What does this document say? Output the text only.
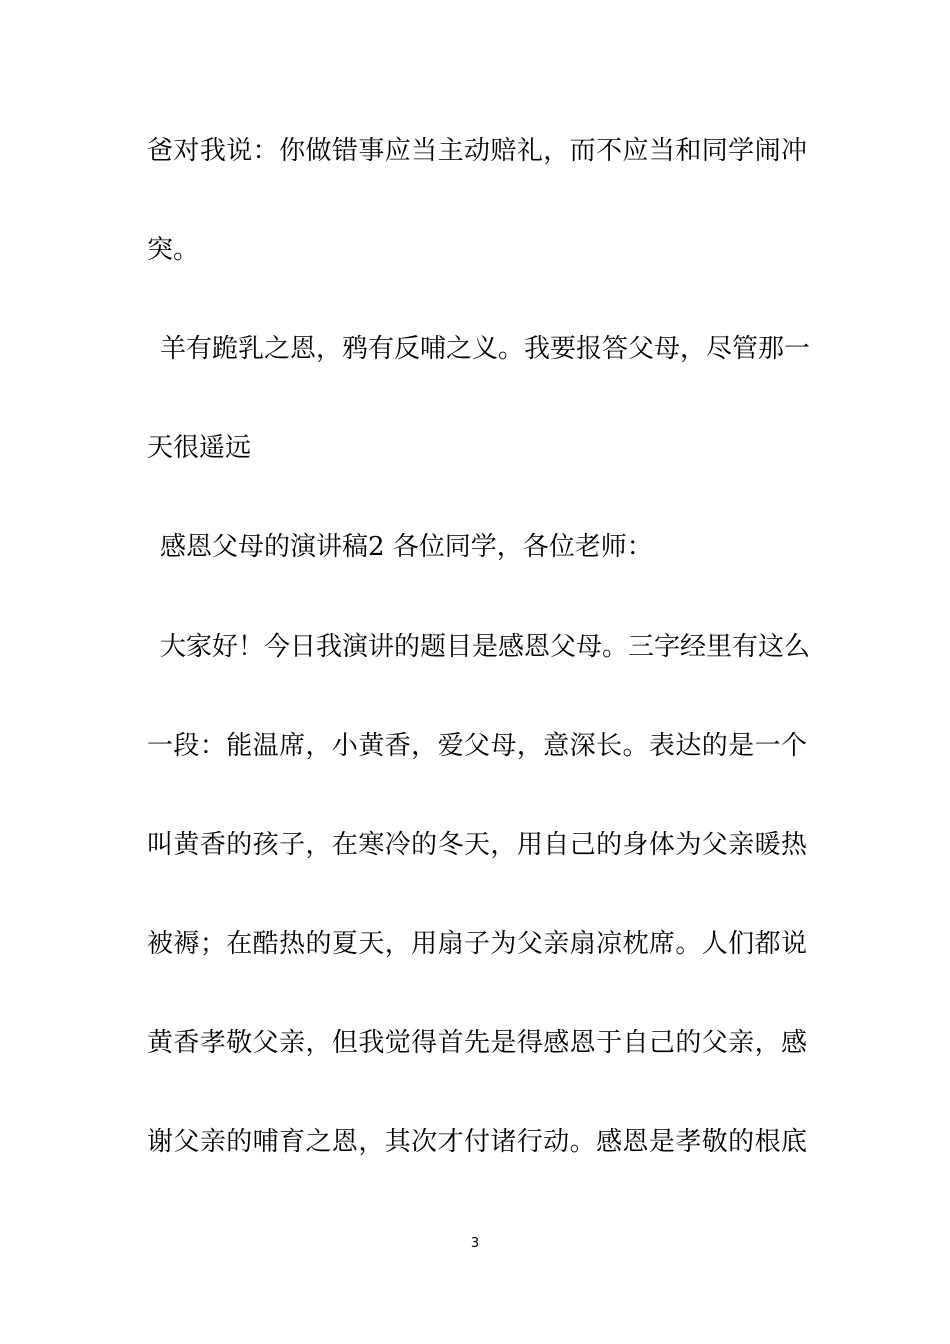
爸对我说：你做错事应当主动赔礼，而不应当和同学闹冲
突。
羊有跪乳之恩，鸦有反哺之义。我要报答父母，尽管那一
天很遥远
感恩父母的演讲稿2 各位同学，各位老师：
大家好！今日我演讲的题目是感恩父母。三字经里有这么
一段：能温席，小黄香，爱父母，意深长。表达的是一个
叫黄香的孩子，在寒冷的冬天，用自己的身体为父亲暖热
被褥；在酷热的夏天，用扇子为父亲扇凉枕席。人们都说
黄香孝敬父亲，但我觉得首先是得感恩于自己的父亲，感
谢父亲的哺育之恩，其次才付诸行动。感恩是孝敬的根底
3
